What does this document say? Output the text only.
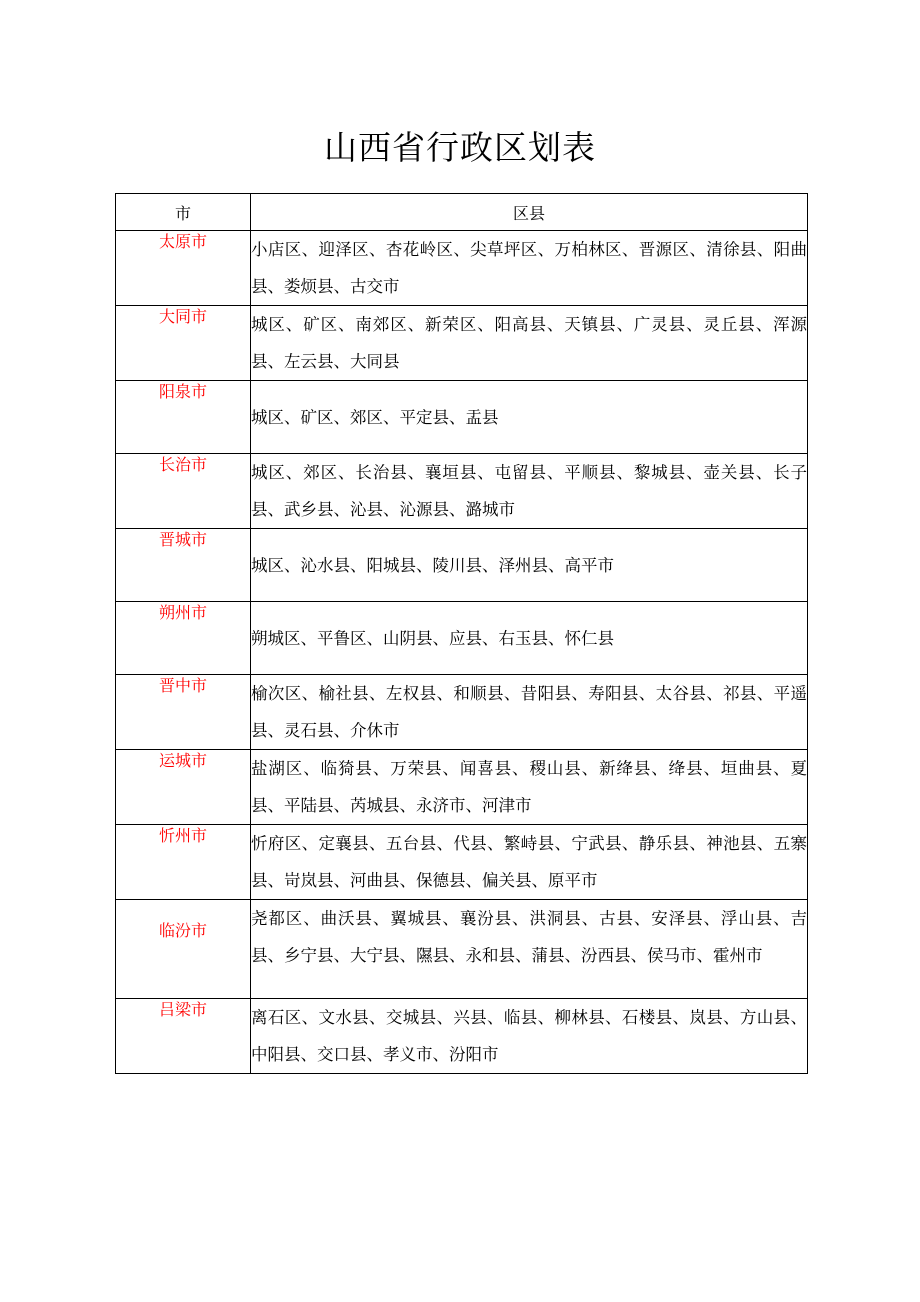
山西省行政区划表
市	区县
太原市	小店区、迎泽区、杏花岭区、尖草坪区、万柏林区、晋源区、清徐县、阳曲县、娄烦县、古交市
大同市	城区、矿区、南郊区、新荣区、阳高县、天镇县、广灵县、灵丘县、浑源县、左云县、大同县
阳泉市	城区、矿区、郊区、平定县、盂县
长治市	城区、郊区、长治县、襄垣县、屯留县、平顺县、黎城县、壶关县、长子县、武乡县、沁县、沁源县、潞城市
晋城市	城区、沁水县、阳城县、陵川县、泽州县、高平市
朔州市	朔城区、平鲁区、山阴县、应县、右玉县、怀仁县
晋中市	榆次区、榆社县、左权县、和顺县、昔阳县、寿阳县、太谷县、祁县、平遥县、灵石县、介休市
运城市	盐湖区、临猗县、万荣县、闻喜县、稷山县、新绛县、绛县、垣曲县、夏县、平陆县、芮城县、永济市、河津市
忻州市	忻府区、定襄县、五台县、代县、繁峙县、宁武县、静乐县、神池县、五寨县、岢岚县、河曲县、保德县、偏关县、原平市
临汾市	尧都区、曲沃县、翼城县、襄汾县、洪洞县、古县、安泽县、浮山县、吉县、乡宁县、大宁县、隰县、永和县、蒲县、汾西县、侯马市、霍州市
吕梁市	离石区、文水县、交城县、兴县、临县、柳林县、石楼县、岚县、方山县、中阳县、交口县、孝义市、汾阳市
